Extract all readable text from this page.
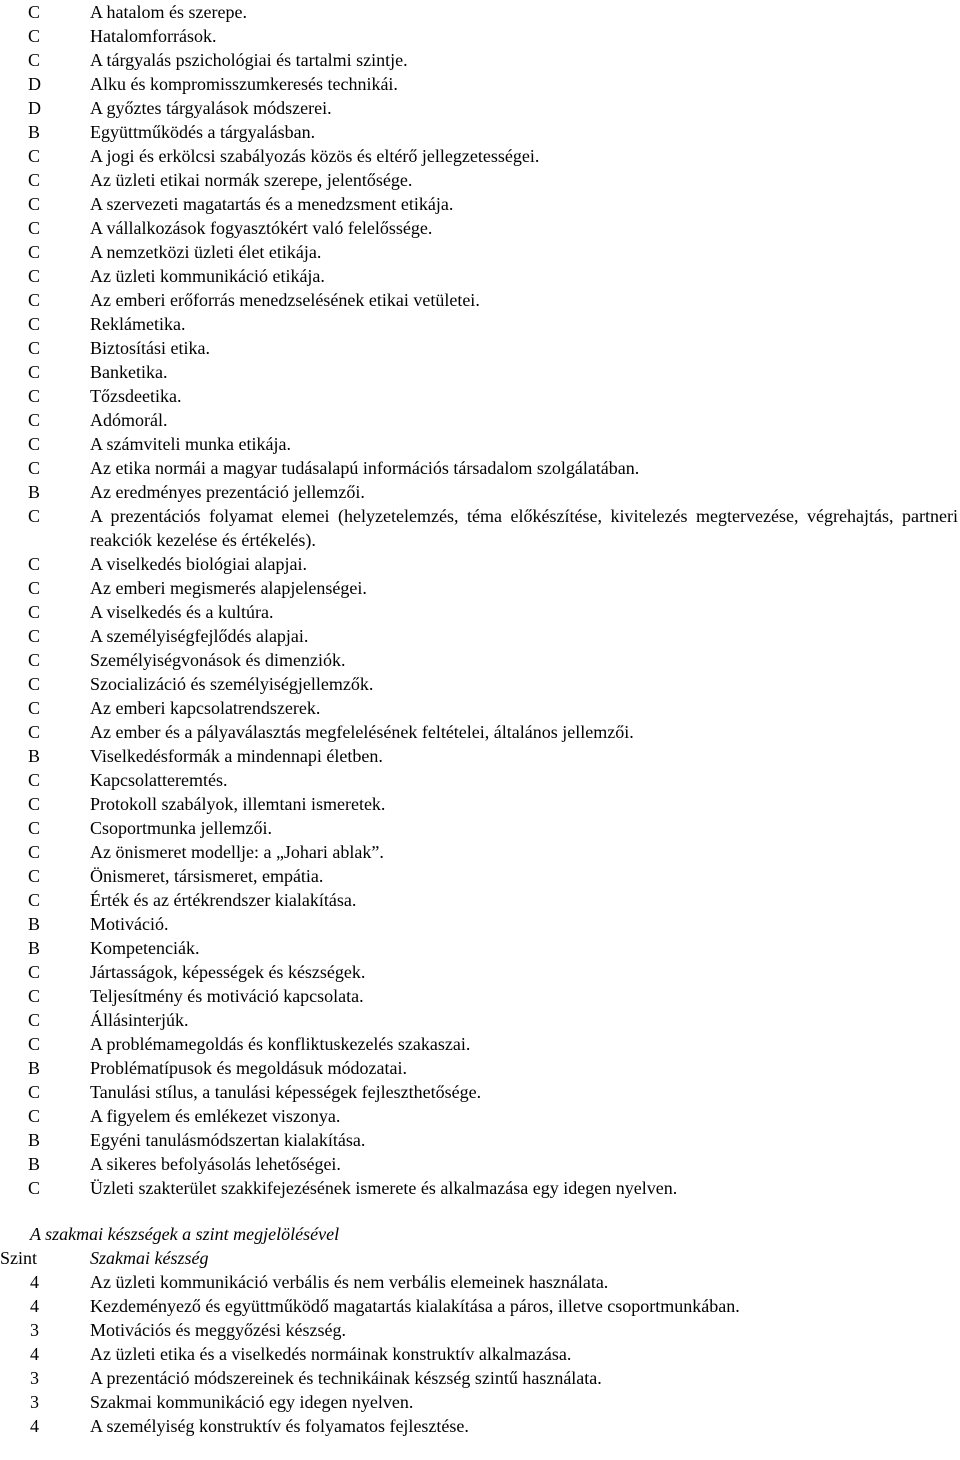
C	A hatalom és szerepe.
C	Hatalomforrások.
C	A tárgyalás pszichológiai és tartalmi szintje.
D	Alku és kompromisszumkeresés technikái.
D	A győztes tárgyalások módszerei.
B	Együttműködés a tárgyalásban.
C	A jogi és erkölcsi szabályozás közös és eltérő jellegzetességei.
C	Az üzleti etikai normák szerepe, jelentősége.
C	A szervezeti magatartás és a menedzsment etikája.
C	A vállalkozások fogyasztókért való felelőssége.
C	A nemzetközi üzleti élet etikája.
C	Az üzleti kommunikáció etikája.
C	Az emberi erőforrás menedzselésének etikai vetületei.
C	Reklámetika.
C	Biztosítási etika.
C	Banketika.
C	Tőzsdeetika.
C	Adómorál.
C	A számviteli munka etikája.
C	Az etika normái a magyar tudásalapú információs társadalom szolgálatában.
B	Az eredményes prezentáció jellemzői.
C	A prezentációs folyamat elemei (helyzetelemzés, téma előkészítése, kivitelezés megtervezése, végrehajtás, partneri reakciók kezelése és értékelés).
C	A viselkedés biológiai alapjai.
C	Az emberi megismerés alapjelenségei.
C	A viselkedés és a kultúra.
C	A személyiségfejlődés alapjai.
C	Személyiségvonások és dimenziók.
C	Szocializáció és személyiségjellemzők.
C	Az emberi kapcsolatrendszerek.
C	Az ember és a pályaválasztás megfelelésének feltételei, általános jellemzői.
B	Viselkedésformák a mindennapi életben.
C	Kapcsolatteremtés.
C	Protokoll szabályok, illemtani ismeretek.
C	Csoportmunka jellemzői.
C	Az önismeret modellje: a „Johari ablak”.
C	Önismeret, társismeret, empátia.
C	Érték és az értékrendszer kialakítása.
B	Motiváció.
B	Kompetenciák.
C	Jártasságok, képességek és készségek.
C	Teljesítmény és motiváció kapcsolata.
C	Állásinterjúk.
C	A problémamegoldás és konfliktuskezelés szakaszai.
B	Problématípusok és megoldásuk módozatai.
C	Tanulási stílus, a tanulási képességek fejleszthetősége.
C	A figyelem és emlékezet viszonya.
B	Egyéni tanulásmódszertan kialakítása.
B	A sikeres befolyásolás lehetőségei.
C	Üzleti szakterület szakkifejezésének ismerete és alkalmazása egy idegen nyelven.
A szakmai készségek a szint megjelölésével
Szint	Szakmai készség
4	Az üzleti kommunikáció verbális és nem verbális elemeinek használata.
4	Kezdeményező és együttműködő magatartás kialakítása a páros, illetve csoportmunkában.
3	Motivációs és meggyőzési készség.
4	Az üzleti etika és a viselkedés normáinak konstruktív alkalmazása.
3	A prezentáció módszereinek és technikáinak készség szintű használata.
3	Szakmai kommunikáció egy idegen nyelven.
4	A személyiség konstruktív és folyamatos fejlesztése.
